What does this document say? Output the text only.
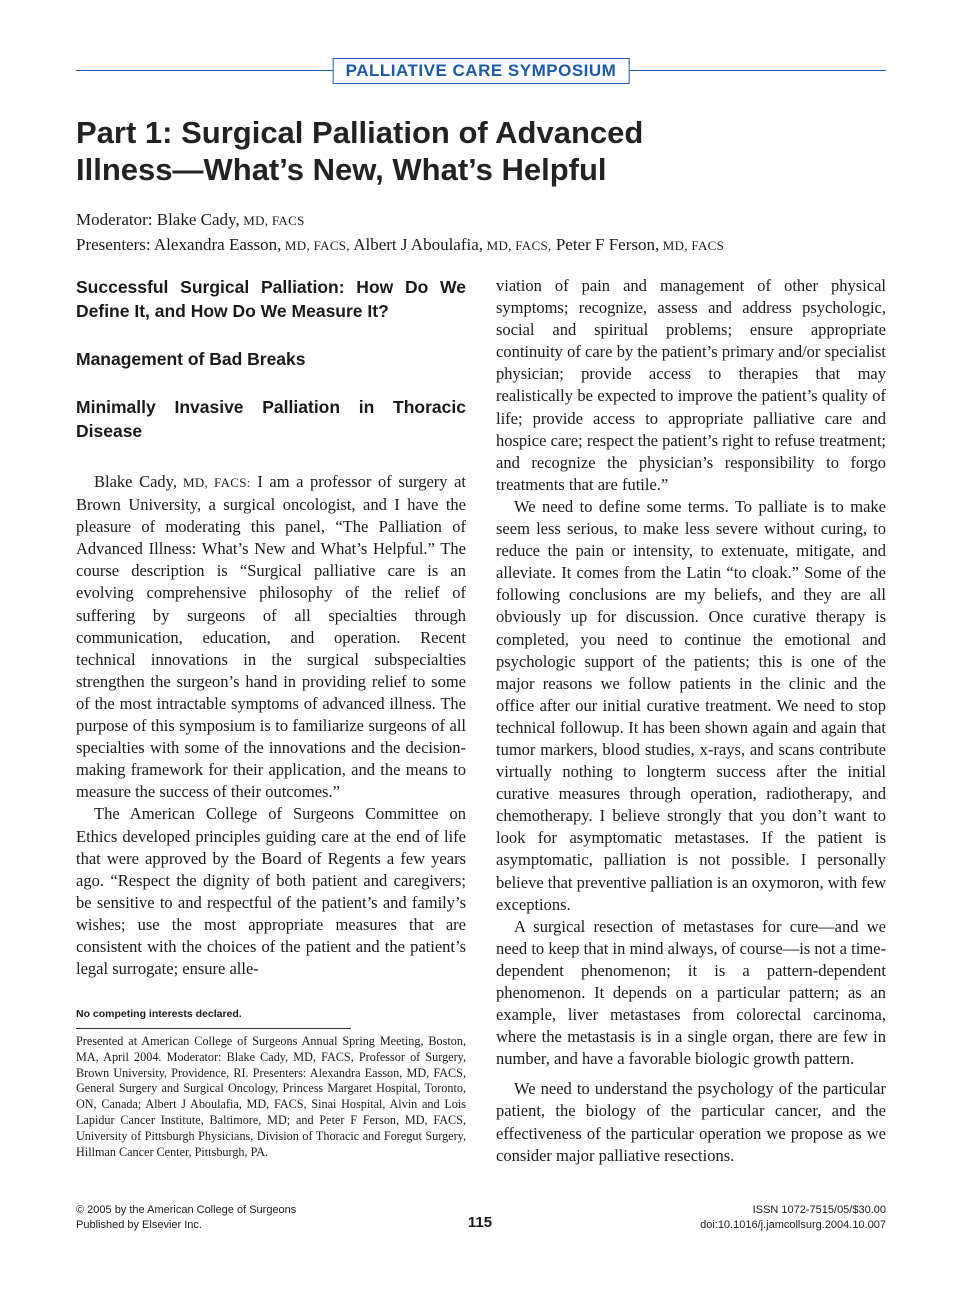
PALLIATIVE CARE SYMPOSIUM
Part 1: Surgical Palliation of Advanced
Illness—What’s New, What’s Helpful
Moderator: Blake Cady, MD, FACS
Presenters: Alexandra Easson, MD, FACS, Albert J Aboulafia, MD, FACS, Peter F Ferson, MD, FACS
Successful Surgical Palliation: How Do We Define It, and How Do We Measure It?
Management of Bad Breaks
Minimally Invasive Palliation in Thoracic Disease

Blake Cady, MD, FACS: I am a professor of surgery at Brown University, a surgical oncologist, and I have the pleasure of moderating this panel, “The Palliation of Advanced Illness: What’s New and What’s Helpful.” The course description is “Surgical palliative care is an evolving comprehensive philosophy of the relief of suffering by surgeons of all specialties through communication, education, and operation. Recent technical innovations in the surgical subspecialties strengthen the surgeon’s hand in providing relief to some of the most intractable symptoms of advanced illness. The purpose of this symposium is to familiarize surgeons of all specialties with some of the innovations and the decision-making framework for their application, and the means to measure the success of their outcomes.”

The American College of Surgeons Committee on Ethics developed principles guiding care at the end of life that were approved by the Board of Regents a few years ago. “Respect the dignity of both patient and caregivers; be sensitive to and respectful of the patient’s and family’s wishes; use the most appropriate measures that are consistent with the choices of the patient and the patient’s legal surrogate; ensure alle-

No competing interests declared.
Presented at American College of Surgeons Annual Spring Meeting, Boston, MA, April 2004. Moderator: Blake Cady, MD, FACS, Professor of Surgery, Brown University, Providence, RI. Presenters: Alexandra Easson, MD, FACS, General Surgery and Surgical Oncology, Princess Margaret Hospital, Toronto, ON, Canada; Albert J Aboulafia, MD, FACS, Sinai Hospital, Alvin and Lois Lapidur Cancer Institute, Baltimore, MD; and Peter F Ferson, MD, FACS, University of Pittsburgh Physicians, Division of Thoracic and Foregut Surgery, Hillman Cancer Center, Pittsburgh, PA.

viation of pain and management of other physical symptoms; recognize, assess and address psychologic, social and spiritual problems; ensure appropriate continuity of care by the patient’s primary and/or specialist physician; provide access to therapies that may realistically be expected to improve the patient’s quality of life; provide access to appropriate palliative care and hospice care; respect the patient’s right to refuse treatment; and recognize the physician’s responsibility to forgo treatments that are futile.”

We need to define some terms. To palliate is to make seem less serious, to make less severe without curing, to reduce the pain or intensity, to extenuate, mitigate, and alleviate. It comes from the Latin “to cloak.” Some of the following conclusions are my beliefs, and they are all obviously up for discussion. Once curative therapy is completed, you need to continue the emotional and psychologic support of the patients; this is one of the major reasons we follow patients in the clinic and the office after our initial curative treatment. We need to stop technical followup. It has been shown again and again that tumor markers, blood studies, x-rays, and scans contribute virtually nothing to longterm success after the initial curative measures through operation, radiotherapy, and chemotherapy. I believe strongly that you don’t want to look for asymptomatic metastases. If the patient is asymptomatic, palliation is not possible. I personally believe that preventive palliation is an oxymoron, with few exceptions.

A surgical resection of metastases for cure—and we need to keep that in mind always, of course—is not a time-dependent phenomenon; it is a pattern-dependent phenomenon. It depends on a particular pattern; as an example, liver metastases from colorectal carcinoma, where the metastasis is in a single organ, there are few in number, and have a favorable biologic growth pattern.

We need to understand the psychology of the particular patient, the biology of the particular cancer, and the effectiveness of the particular operation we propose as we consider major palliative resections.

© 2005 by the American College of Surgeons
Published by Elsevier Inc.	115
ISSN 1072-7515/05/$30.00
doi:10.1016/j.jamcollsurg.2004.10.007
